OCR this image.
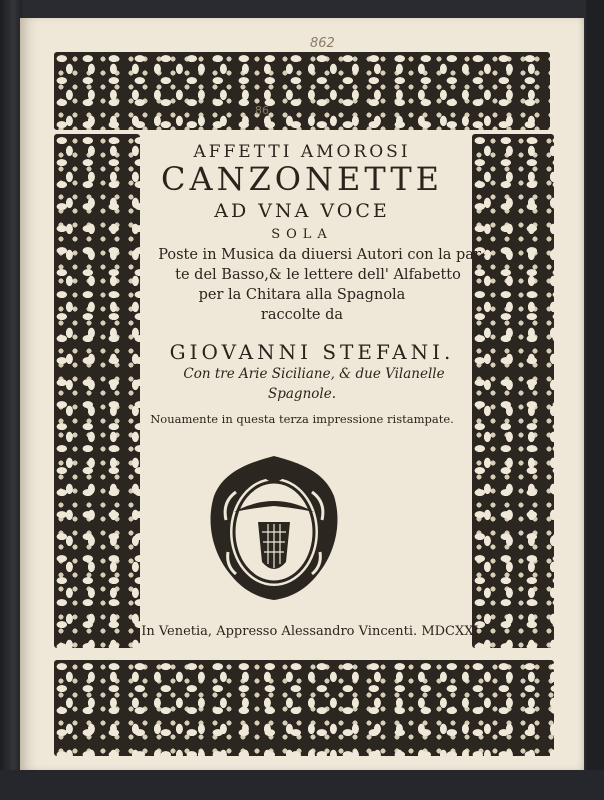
862
86
AFFETTI AMOROSI
CANZONETTE
AD VNA VOCE
SOLA
Poste in Musica da diuersi Autori con la par-
te del Basso,& le lettere dell' Alfabetto
per la Chitara alla Spagnola
raccolte da
GIOVANNI STEFANI.
Con tre Arie Siciliane, & due Vilanelle
Spagnole.
Nouamente in questa terza impressione ristampate.
In Venetia, Appresso Alessandro Vincenti. MDCXXI.
